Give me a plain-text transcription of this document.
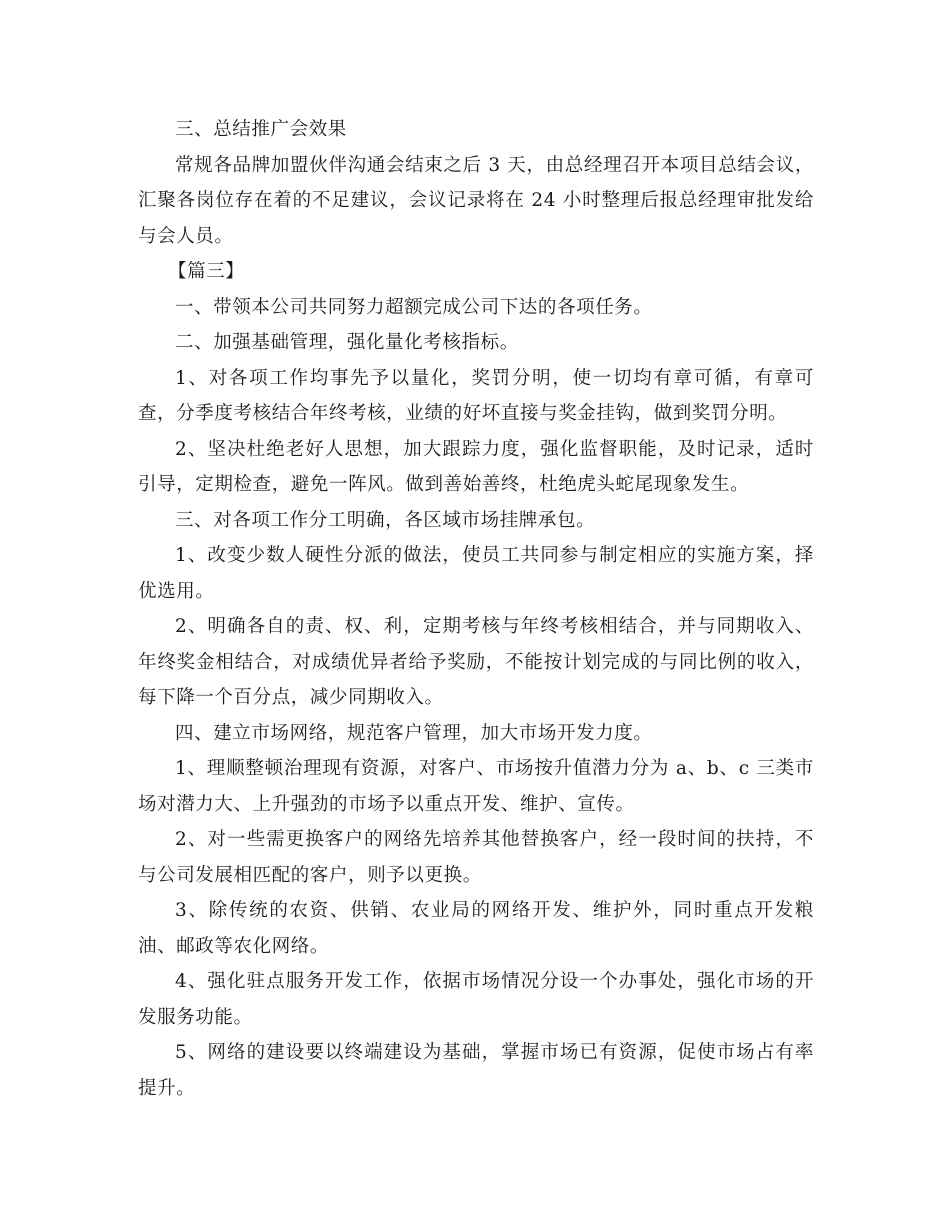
三、总结推广会效果

常规各品牌加盟伙伴沟通会结束之后 3 天，由总经理召开本项目总结会议，汇聚各岗位存在着的不足建议，会议记录将在 24 小时整理后报总经理审批发给与会人员。

【篇三】

一、带领本公司共同努力超额完成公司下达的各项任务。

二、加强基础管理，强化量化考核指标。

1、对各项工作均事先予以量化，奖罚分明，使一切均有章可循，有章可查，分季度考核结合年终考核，业绩的好坏直接与奖金挂钩，做到奖罚分明。

2、坚决杜绝老好人思想，加大跟踪力度，强化监督职能，及时记录，适时引导，定期检查，避免一阵风。做到善始善终，杜绝虎头蛇尾现象发生。

三、对各项工作分工明确，各区域市场挂牌承包。

1、改变少数人硬性分派的做法，使员工共同参与制定相应的实施方案，择优选用。

2、明确各自的责、权、利，定期考核与年终考核相结合，并与同期收入、年终奖金相结合，对成绩优异者给予奖励，不能按计划完成的与同比例的收入，每下降一个百分点，减少同期收入。

四、建立市场网络，规范客户管理，加大市场开发力度。

1、理顺整顿治理现有资源，对客户、市场按升值潜力分为 a、b、c 三类市场对潜力大、上升强劲的市场予以重点开发、维护、宣传。

2、对一些需更换客户的网络先培养其他替换客户，经一段时间的扶持，不与公司发展相匹配的客户，则予以更换。

3、除传统的农资、供销、农业局的网络开发、维护外，同时重点开发粮油、邮政等农化网络。

4、强化驻点服务开发工作，依据市场情况分设一个办事处，强化市场的开发服务功能。

5、网络的建设要以终端建设为基础，掌握市场已有资源，促使市场占有率提升。
